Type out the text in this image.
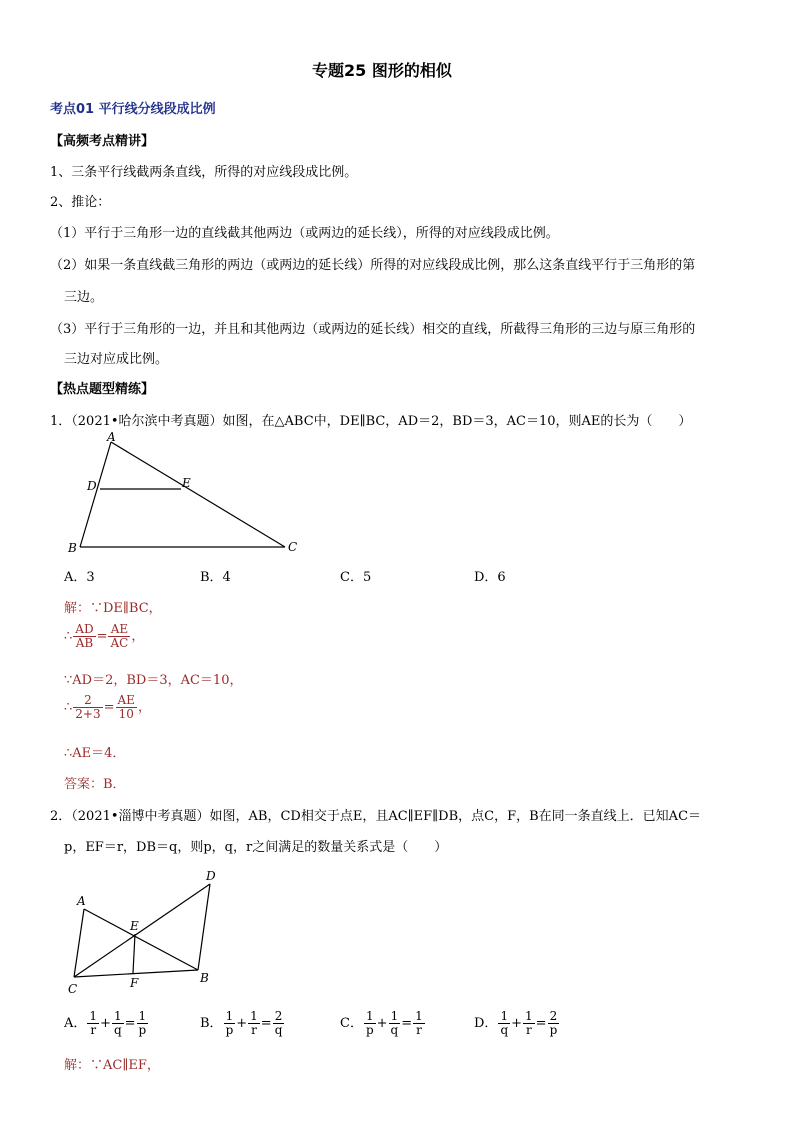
专题25 图形的相似
考点01 平行线分线段成比例
【高频考点精讲】
1、三条平行线截两条直线，所得的对应线段成比例。
2、推论：
（1）平行于三角形一边的直线截其他两边（或两边的延长线），所得的对应线段成比例。
（2）如果一条直线截三角形的两边（或两边的延长线）所得的对应线段成比例，那么这条直线平行于三角形的第
三边。
（3）平行于三角形的一边，并且和其他两边（或两边的延长线）相交的直线，所截得三角形的三边与原三角形的
三边对应成比例。
【热点题型精练】
1．（2021•哈尔滨中考真题）如图，在△ABC中，DE∥BC，AD＝2，BD＝3，AC＝10，则AE的长为（　　）
A
D	E
B	C
A．3	B．4	C．5	D．6
解：∵DE∥BC，
∴ $\frac{AD}{AB} = \frac{AE}{AC}$ ，
∵AD＝2，BD＝3，AC＝10，
∴ $\frac{2}{2+3} = \frac{AE}{10}$ ，
∴AE＝4．
答案：B．
2．（2021•淄博中考真题）如图，AB，CD相交于点E，且AC∥EF∥DB，点C，F，B在同一条直线上．已知AC＝
p，EF＝r，DB＝q，则p，q，r之间满足的数量关系式是（　　）
A
D
E
F
C
B
A． $\frac{1}{r} + \frac{1}{q} = \frac{1}{p}$	B． $\frac{1}{p} + \frac{1}{r} = \frac{2}{q}$	C． $\frac{1}{p} + \frac{1}{q} = \frac{1}{r}$	D． $\frac{1}{q} + \frac{1}{r} = \frac{2}{p}$
解：∵AC∥EF，
